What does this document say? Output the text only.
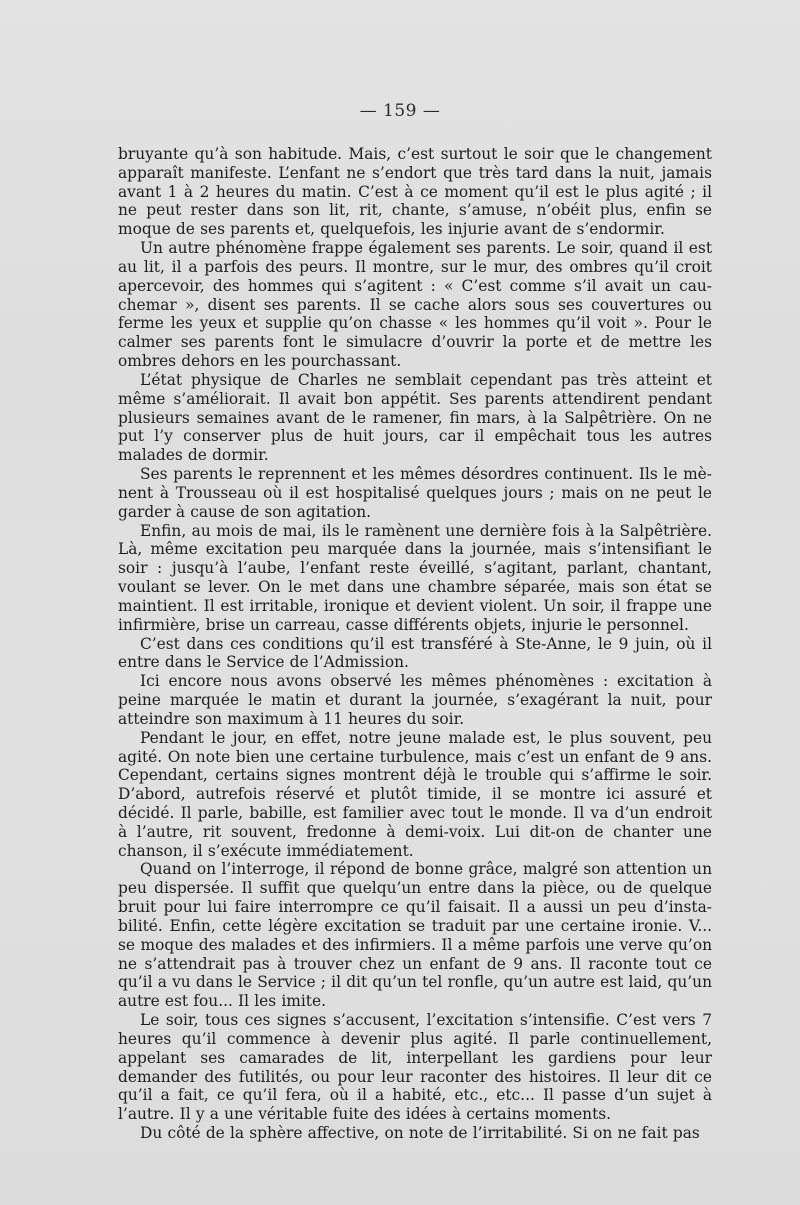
— 159 —

bruyante qu’à son habitude. Mais, c’est surtout le soir que le changement apparaît manifeste. L’enfant ne s’endort que très tard dans la nuit, jamais avant 1 à 2 heures du matin. C’est à ce moment qu’il est le plus agité ; il ne peut rester dans son lit, rit, chante, s’amuse, n’obéit plus, enfin se moque de ses parents et, quelquefois, les injurie avant de s’endormir.

Un autre phénomène frappe également ses parents. Le soir, quand il est au lit, il a parfois des peurs. Il montre, sur le mur, des ombres qu’il croit apercevoir, des hommes qui s’agitent : « C’est comme s’il avait un cauchemar », disent ses parents. Il se cache alors sous ses couvertures ou ferme les yeux et supplie qu’on chasse « les hommes qu’il voit ». Pour le calmer ses parents font le simulacre d’ouvrir la porte et de mettre les ombres dehors en les pourchassant.

L’état physique de Charles ne semblait cependant pas très atteint et même s’améliorait. Il avait bon appétit. Ses parents attendirent pendant plusieurs semaines avant de le ramener, fin mars, à la Salpêtrière. On ne put l’y conserver plus de huit jours, car il empêchait tous les autres malades de dormir.

Ses parents le reprennent et les mêmes désordres continuent. Ils le mènent à Trousseau où il est hospitalisé quelques jours ; mais on ne peut le garder à cause de son agitation.

Enfin, au mois de mai, ils le ramènent une dernière fois à la Salpêtrière. Là, même excitation peu marquée dans la journée, mais s’intensifiant le soir : jusqu’à l’aube, l’enfant reste éveillé, s’agitant, parlant, chantant, voulant se lever. On le met dans une chambre séparée, mais son état se maintient. Il est irritable, ironique et devient violent. Un soir, il frappe une infirmière, brise un carreau, casse différents objets, injurie le personnel.

C’est dans ces conditions qu’il est transféré à Ste-Anne, le 9 juin, où il entre dans le Service de l’Admission.

Ici encore nous avons observé les mêmes phénomènes : excitation à peine marquée le matin et durant la journée, s’exagérant la nuit, pour atteindre son maximum à 11 heures du soir.

Pendant le jour, en effet, notre jeune malade est, le plus souvent, peu agité. On note bien une certaine turbulence, mais c’est un enfant de 9 ans. Cependant, certains signes montrent déjà le trouble qui s’affirme le soir. D’abord, autrefois réservé et plutôt timide, il se montre ici assuré et décidé. Il parle, babille, est familier avec tout le monde. Il va d’un endroit à l’autre, rit souvent, fredonne à demi-voix. Lui dit-on de chanter une chanson, il s’exécute immédiatement.

Quand on l’interroge, il répond de bonne grâce, malgré son attention un peu dispersée. Il suffit que quelqu’un entre dans la pièce, ou de quelque bruit pour lui faire interrompre ce qu’il faisait. Il a aussi un peu d’instabilité. Enfin, cette légère excitation se traduit par une certaine ironie. V... se moque des malades et des infirmiers. Il a même parfois une verve qu’on ne s’attendrait pas à trouver chez un enfant de 9 ans. Il raconte tout ce qu’il a vu dans le Service ; il dit qu’un tel ronfle, qu’un autre est laid, qu’un autre est fou... Il les imite.

Le soir, tous ces signes s’accusent, l’excitation s’intensifie. C’est vers 7 heures qu’il commence à devenir plus agité. Il parle continuellement, appelant ses camarades de lit, interpellant les gardiens pour leur demander des futilités, ou pour leur raconter des histoires. Il leur dit ce qu’il a fait, ce qu’il fera, où il a habité, etc., etc... Il passe d’un sujet à l’autre. Il y a une véritable fuite des idées à certains moments.

Du côté de la sphère affective, on note de l’irritabilité. Si on ne fait pas
